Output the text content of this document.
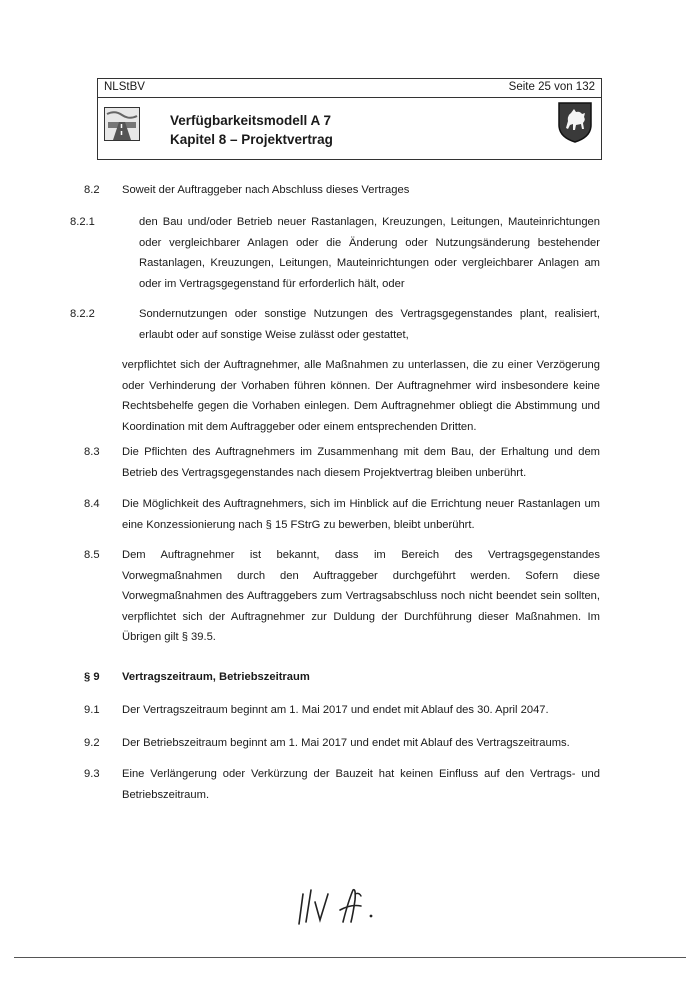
NLStBV	Seite 25 von 132
Verfügbarkeitsmodell A 7
Kapitel 8 – Projektvertrag
8.2 Soweit der Auftraggeber nach Abschluss dieses Vertrages
8.2.1	den Bau und/oder Betrieb neuer Rastanlagen, Kreuzungen, Leitungen, Mauteinrichtungen oder vergleichbarer Anlagen oder die Änderung oder Nutzungsänderung bestehender Rastanlagen, Kreuzungen, Leitungen, Mauteinrichtungen oder vergleichbarer Anlagen am oder im Vertragsgegenstand für erforderlich hält, oder
8.2.2	Sondernutzungen oder sonstige Nutzungen des Vertragsgegenstandes plant, realisiert, erlaubt oder auf sonstige Weise zulässt oder gestattet,
verpflichtet sich der Auftragnehmer, alle Maßnahmen zu unterlassen, die zu einer Verzögerung oder Verhinderung der Vorhaben führen können. Der Auftragnehmer wird insbesondere keine Rechtsbehelfe gegen die Vorhaben einlegen. Dem Auftragnehmer obliegt die Abstimmung und Koordination mit dem Auftraggeber oder einem entsprechenden Dritten.
8.3 Die Pflichten des Auftragnehmers im Zusammenhang mit dem Bau, der Erhaltung und dem Betrieb des Vertragsgegenstandes nach diesem Projektvertrag bleiben unberührt.
8.4 Die Möglichkeit des Auftragnehmers, sich im Hinblick auf die Errichtung neuer Rastanlagen um eine Konzessionierung nach § 15 FStrG zu bewerben, bleibt unberührt.
8.5 Dem Auftragnehmer ist bekannt, dass im Bereich des Vertragsgegenstandes Vorwegmaßnahmen durch den Auftraggeber durchgeführt werden. Sofern diese Vorwegmaßnahmen des Auftraggebers zum Vertragsabschluss noch nicht beendet sein sollten, verpflichtet sich der Auftragnehmer zur Duldung der Durchführung dieser Maßnahmen. Im Übrigen gilt § 39.5.
§ 9 Vertragszeitraum, Betriebszeitraum
9.1 Der Vertragszeitraum beginnt am 1. Mai 2017 und endet mit Ablauf des 30. April 2047.
9.2 Der Betriebszeitraum beginnt am 1. Mai 2017 und endet mit Ablauf des Vertragszeitraums.
9.3 Eine Verlängerung oder Verkürzung der Bauzeit hat keinen Einfluss auf den Vertrags- und Betriebszeitraum.
